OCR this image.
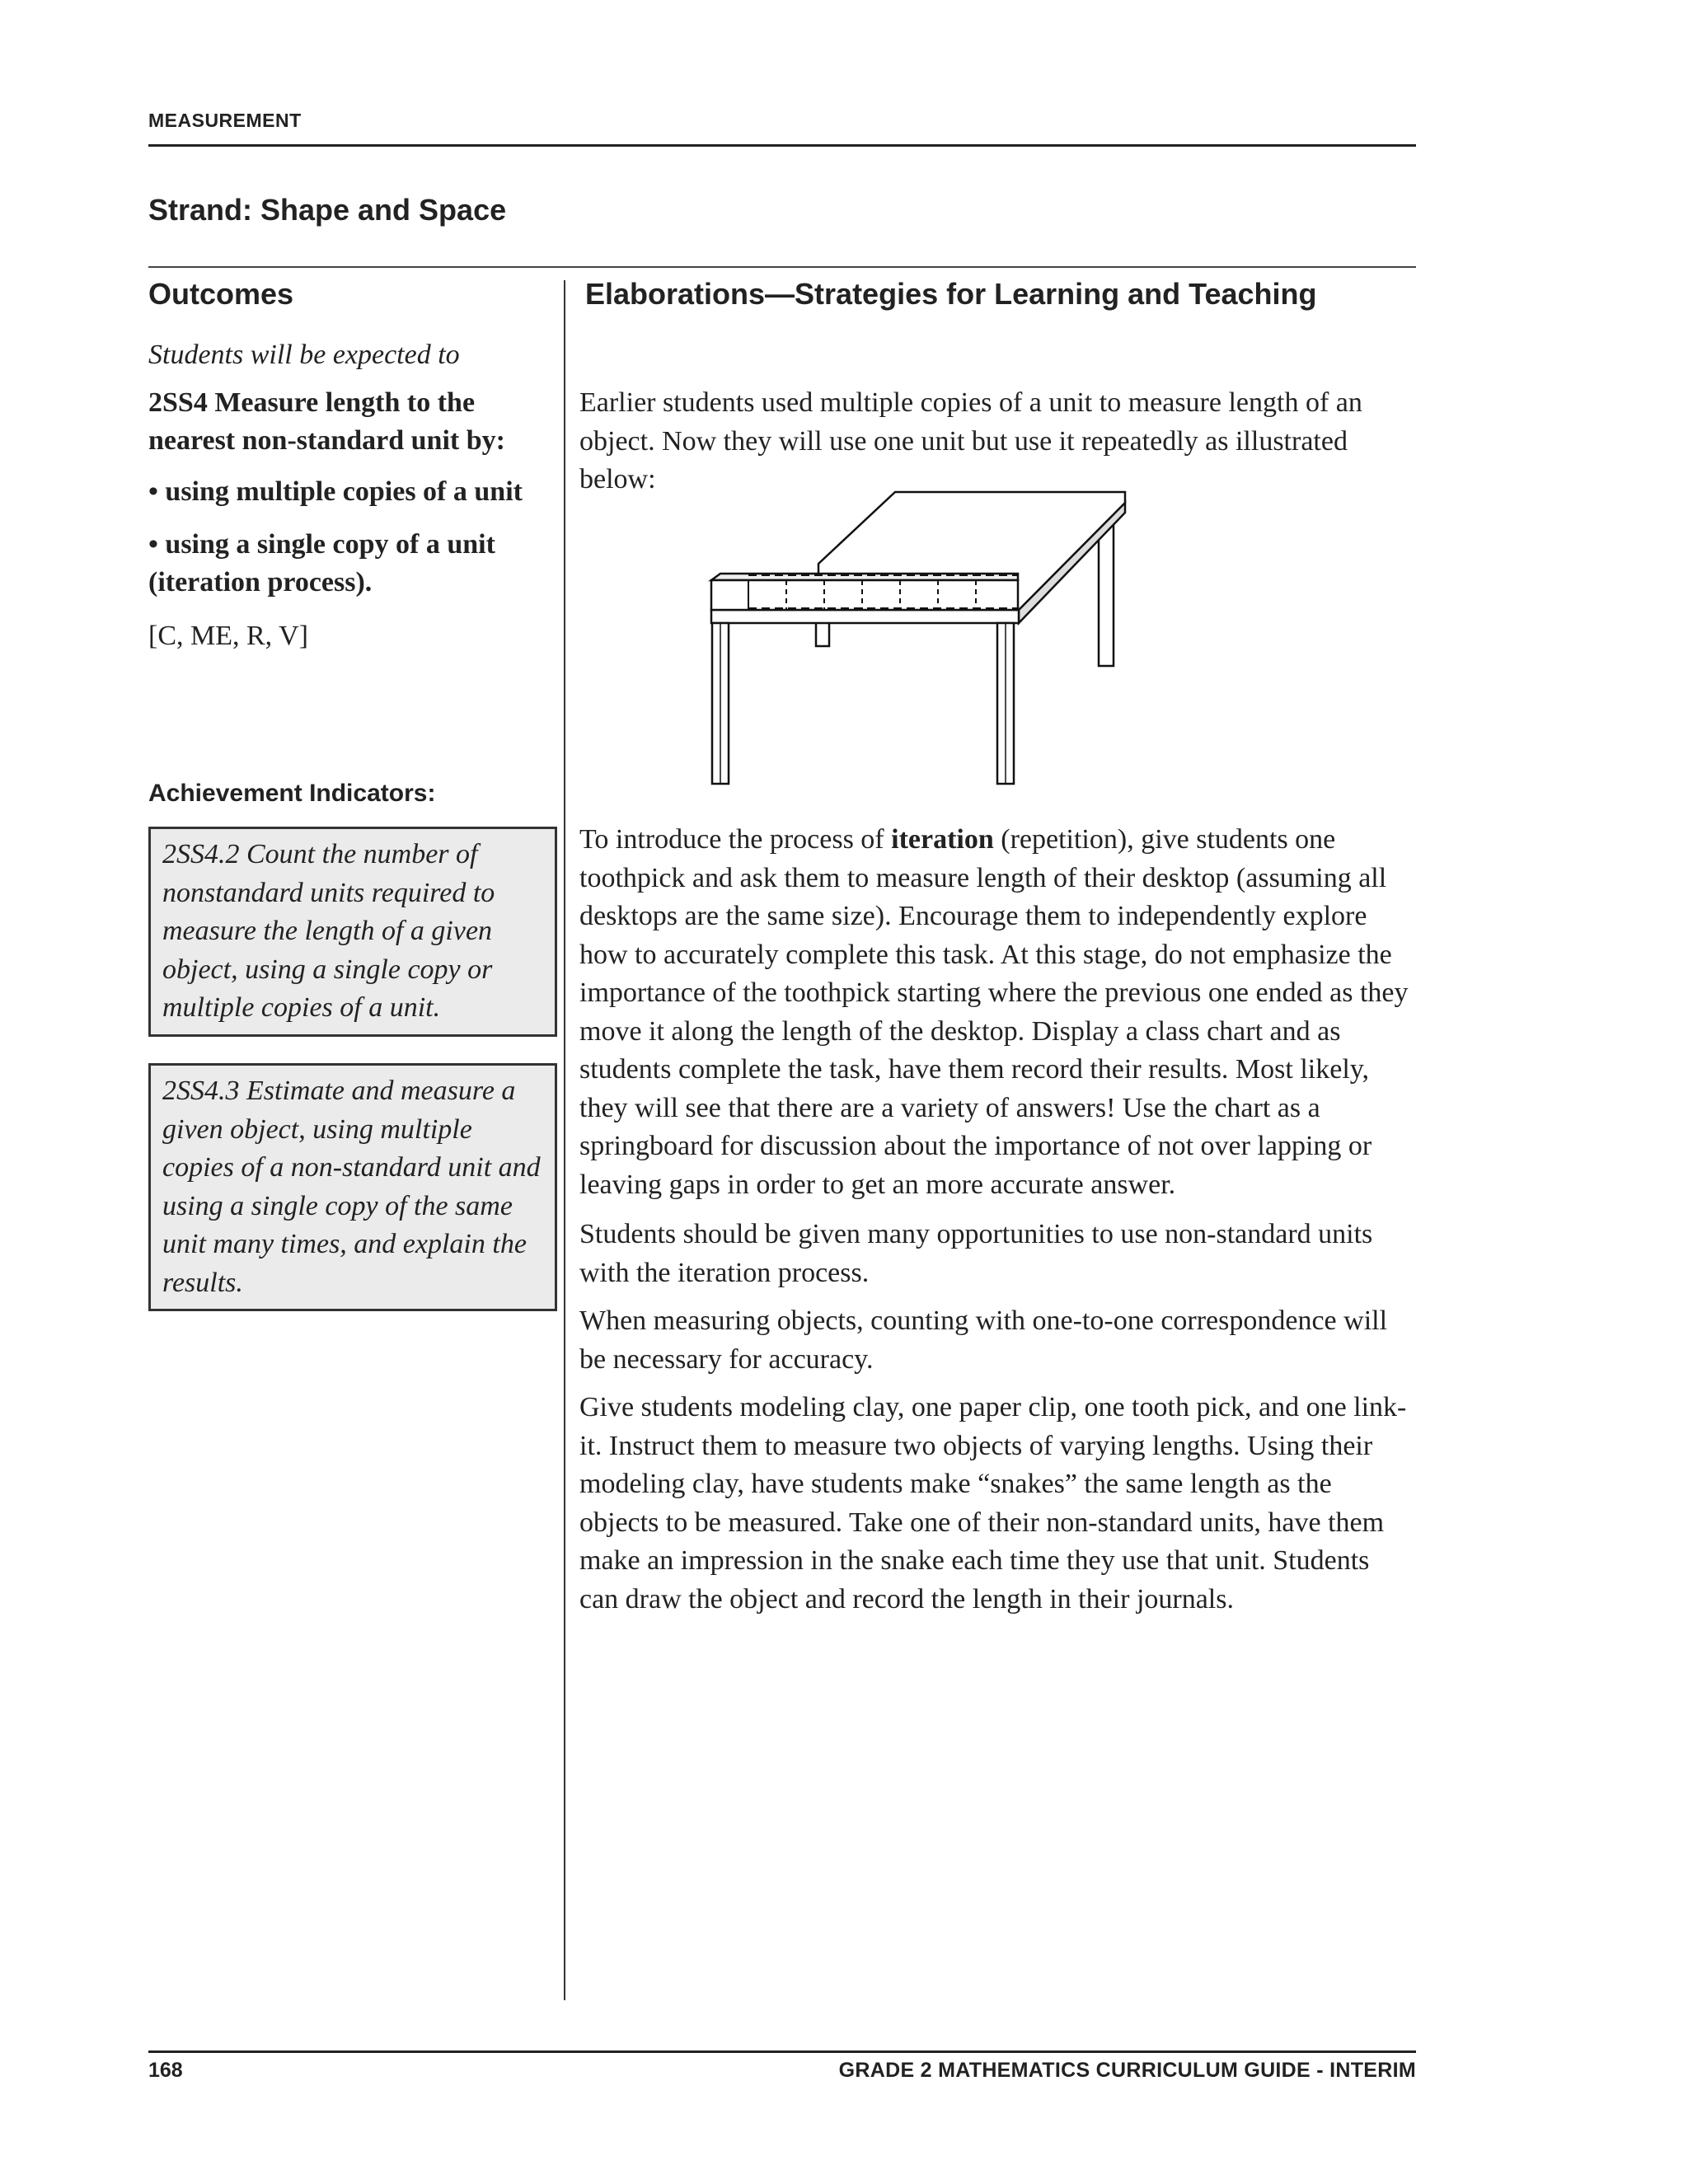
MEASUREMENT
Strand: Shape and Space
Outcomes

Students will be expected to

2SS4 Measure length to the nearest non-standard unit by:

• using multiple copies of a unit

• using a single copy of a unit (iteration process).

[C, ME, R, V]

Achievement Indicators:
2SS4.2 Count the number of nonstandard units required to measure the length of a given object, using a single copy or multiple copies of a unit.
2SS4.3 Estimate and measure a given object, using multiple copies of a non-standard unit and using a single copy of the same unit many times, and explain the results.
Elaborations—Strategies for Learning and Teaching

Earlier students used multiple copies of a unit to measure length of an object. Now they will use one unit but use it repeatedly as illustrated below:

To introduce the process of iteration (repetition), give students one toothpick and ask them to measure length of their desktop (assuming all desktops are the same size). Encourage them to independently explore how to accurately complete this task. At this stage, do not emphasize the importance of the toothpick starting where the previous one ended as they move it along the length of the desktop. Display a class chart and as students complete the task, have them record their results. Most likely, they will see that there are a variety of answers! Use the chart as a springboard for discussion about the importance of not over lapping or leaving gaps in order to get an more accurate answer.

Students should be given many opportunities to use non-standard units with the iteration process.

When measuring objects, counting with one-to-one correspondence will be necessary for accuracy.

Give students modeling clay, one paper clip, one tooth pick, and one link-it. Instruct them to measure two objects of varying lengths. Using their modeling clay, have students make “snakes” the same length as the objects to be measured. Take one of their non-standard units, have them make an impression in the snake each time they use that unit. Students can draw the object and record the length in their journals.

168	GRADE 2 MATHEMATICS CURRICULUM GUIDE - INTERIM
